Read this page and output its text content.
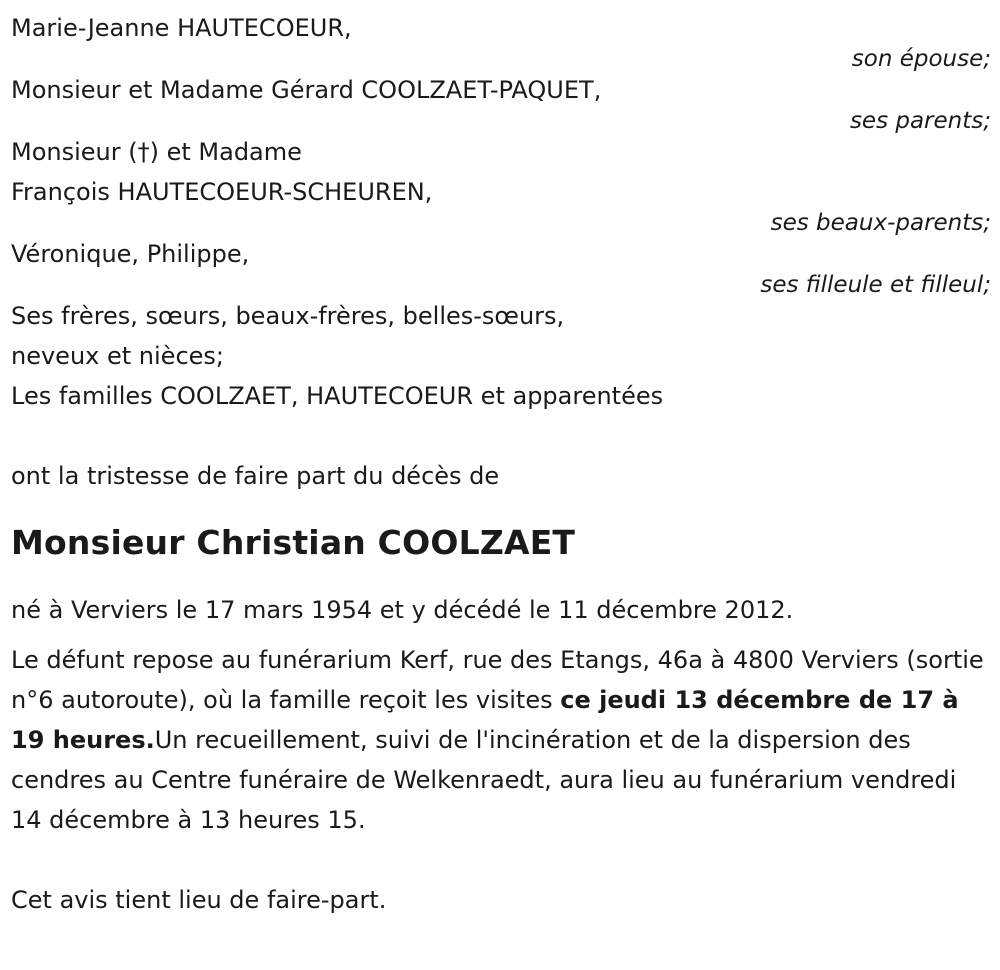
Marie-Jeanne HAUTECOEUR,
son épouse;
Monsieur et Madame Gérard COOLZAET-PAQUET,
ses parents;
Monsieur (†) et Madame
François HAUTECOEUR-SCHEUREN,
ses beaux-parents;
Véronique, Philippe,
ses filleule et filleul;
Ses frères, sœurs, beaux-frères, belles-sœurs,
neveux et nièces;
Les familles COOLZAET, HAUTECOEUR et apparentées
ont la tristesse de faire part du décès de
Monsieur Christian COOLZAET
né à Verviers le 17 mars 1954 et y décédé le 11 décembre 2012.
Le défunt repose au funérarium Kerf, rue des Etangs, 46a à 4800 Verviers (sortie n°6 autoroute), où la famille reçoit les visites ce jeudi 13 décembre de 17 à 19 heures.Un recueillement, suivi de l'incinération et de la dispersion des cendres au Centre funéraire de Welkenraedt, aura lieu au funérarium vendredi 14 décembre à 13 heures 15.
Cet avis tient lieu de faire-part.
